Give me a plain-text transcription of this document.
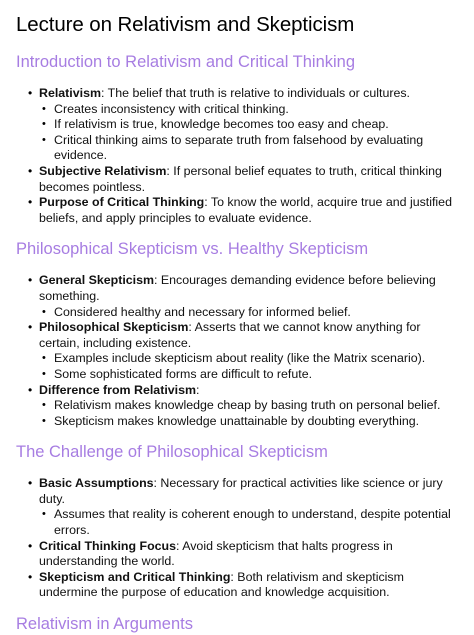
Lecture on Relativism and Skepticism
Introduction to Relativism and Critical Thinking
• Relativism: The belief that truth is relative to individuals or cultures.
• Creates inconsistency with critical thinking.
• If relativism is true, knowledge becomes too easy and cheap.
• Critical thinking aims to separate truth from falsehood by evaluating evidence.
• Subjective Relativism: If personal belief equates to truth, critical thinking becomes pointless.
• Purpose of Critical Thinking: To know the world, acquire true and justified beliefs, and apply principles to evaluate evidence.
Philosophical Skepticism vs. Healthy Skepticism
• General Skepticism: Encourages demanding evidence before believing something.
• Considered healthy and necessary for informed belief.
• Philosophical Skepticism: Asserts that we cannot know anything for certain, including existence.
• Examples include skepticism about reality (like the Matrix scenario).
• Some sophisticated forms are difficult to refute.
• Difference from Relativism:
• Relativism makes knowledge cheap by basing truth on personal belief.
• Skepticism makes knowledge unattainable by doubting everything.
The Challenge of Philosophical Skepticism
• Basic Assumptions: Necessary for practical activities like science or jury duty.
• Assumes that reality is coherent enough to understand, despite potential errors.
• Critical Thinking Focus: Avoid skepticism that halts progress in understanding the world.
• Skepticism and Critical Thinking: Both relativism and skepticism undermine the purpose of education and knowledge acquisition.
Relativism in Arguments
